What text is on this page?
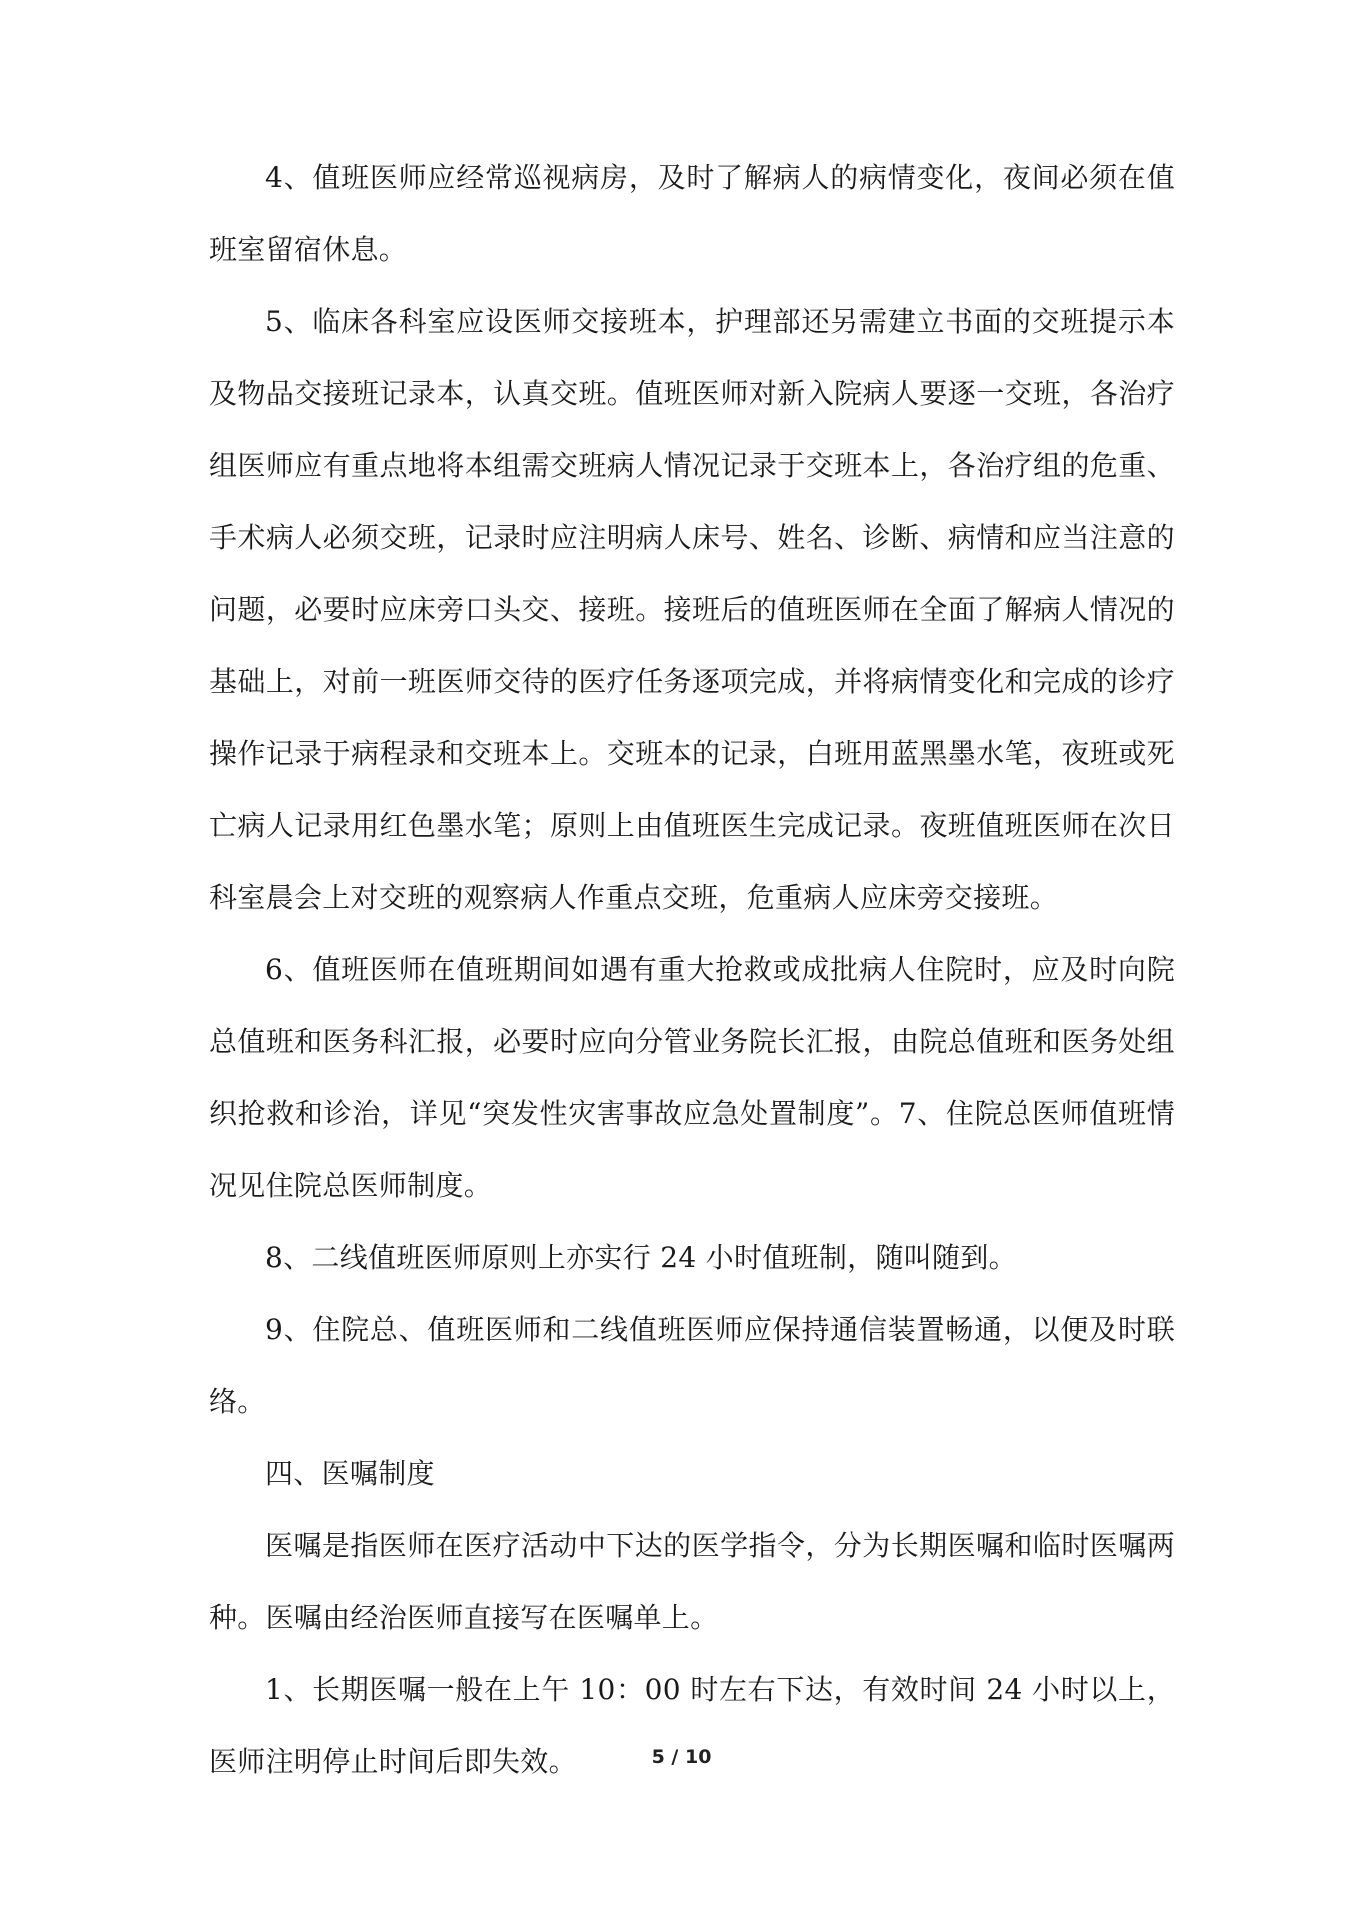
4、值班医师应经常巡视病房，及时了解病人的病情变化，夜间必须在值班室留宿休息。

5、临床各科室应设医师交接班本，护理部还另需建立书面的交班提示本及物品交接班记录本，认真交班。值班医师对新入院病人要逐一交班，各治疗组医师应有重点地将本组需交班病人情况记录于交班本上，各治疗组的危重、手术病人必须交班，记录时应注明病人床号、姓名、诊断、病情和应当注意的问题，必要时应床旁口头交、接班。接班后的值班医师在全面了解病人情况的基础上，对前一班医师交待的医疗任务逐项完成，并将病情变化和完成的诊疗操作记录于病程录和交班本上。交班本的记录，白班用蓝黑墨水笔，夜班或死亡病人记录用红色墨水笔；原则上由值班医生完成记录。夜班值班医师在次日科室晨会上对交班的观察病人作重点交班，危重病人应床旁交接班。

6、值班医师在值班期间如遇有重大抢救或成批病人住院时，应及时向院总值班和医务科汇报，必要时应向分管业务院长汇报，由院总值班和医务处组织抢救和诊治，详见“突发性灾害事故应急处置制度”。7、住院总医师值班情况见住院总医师制度。

8、二线值班医师原则上亦实行 24 小时值班制，随叫随到。

9、住院总、值班医师和二线值班医师应保持通信装置畅通，以便及时联络。

四、医嘱制度

医嘱是指医师在医疗活动中下达的医学指令，分为长期医嘱和临时医嘱两种。医嘱由经治医师直接写在医嘱单上。

1、长期医嘱一般在上午 10：00 时左右下达，有效时间 24 小时以上，医师注明停止时间后即失效。	5 / 10
